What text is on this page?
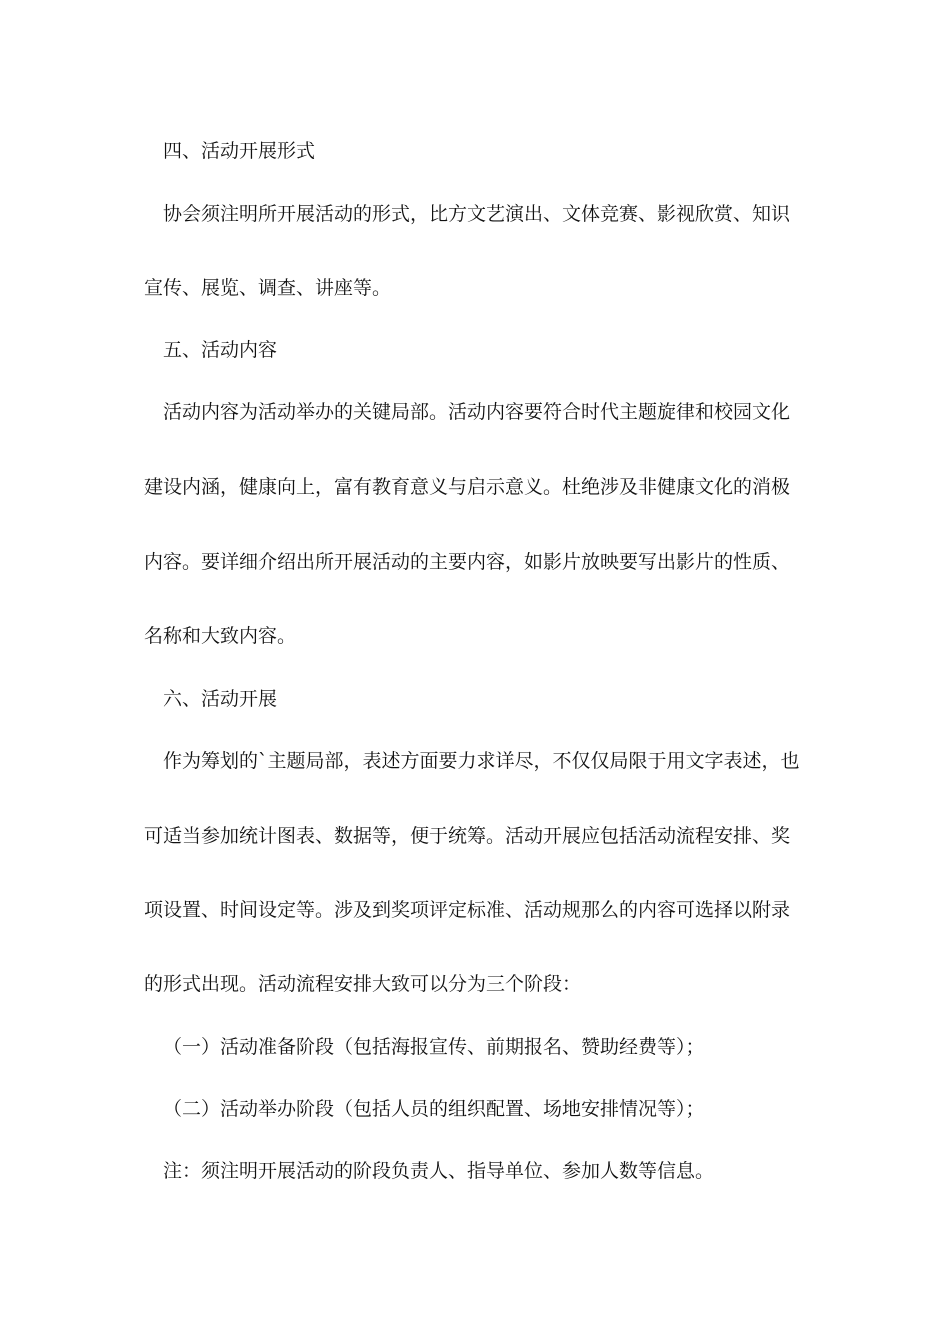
四、活动开展形式
协会须注明所开展活动的形式，比方文艺演出、文体竞赛、影视欣赏、知识
宣传、展览、调查、讲座等。
五、活动内容
活动内容为活动举办的关键局部。活动内容要符合时代主题旋律和校园文化
建设内涵，健康向上，富有教育意义与启示意义。杜绝涉及非健康文化的消极
内容。要详细介绍出所开展活动的主要内容，如影片放映要写出影片的性质、
名称和大致内容。
六、活动开展
作为筹划的`主题局部，表述方面要力求详尽，不仅仅局限于用文字表述，也
可适当参加统计图表、数据等，便于统筹。活动开展应包括活动流程安排、奖
项设置、时间设定等。涉及到奖项评定标准、活动规那么的内容可选择以附录
的形式出现。活动流程安排大致可以分为三个阶段：
（一）活动准备阶段（包括海报宣传、前期报名、赞助经费等）；
（二）活动举办阶段（包括人员的组织配置、场地安排情况等）；
注：须注明开展活动的阶段负责人、指导单位、参加人数等信息。
